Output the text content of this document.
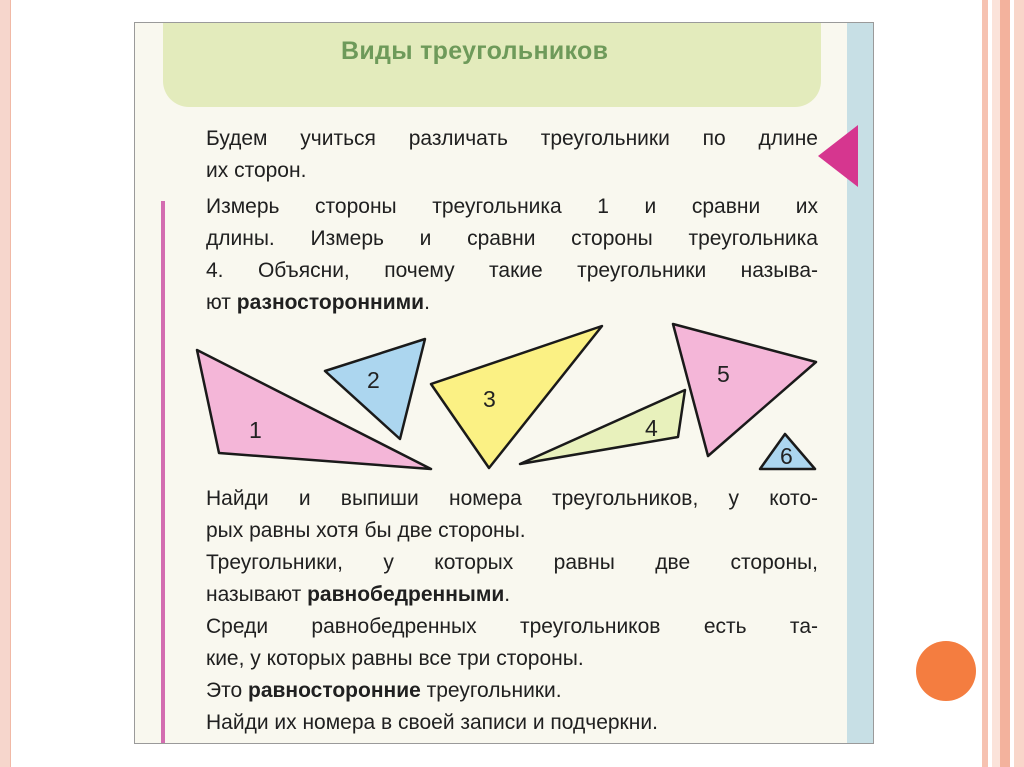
Виды треугольников
Будем учиться различать треугольники по длине
их сторон.
Измерь стороны треугольника 1 и сравни их
длины. Измерь и сравни стороны треугольника
4. Объясни, почему такие треугольники называ-
ют разносторонними.
1
2
3
4
5
6
Найди и выпиши номера треугольников, у кото-
рых равны хотя бы две стороны.
Треугольники, у которых равны две стороны,
называют равнобедренными.
Среди равнобедренных треугольников есть та-
кие, у которых равны все три стороны.
Это равносторонние треугольники.
Найди их номера в своей записи и подчеркни.
